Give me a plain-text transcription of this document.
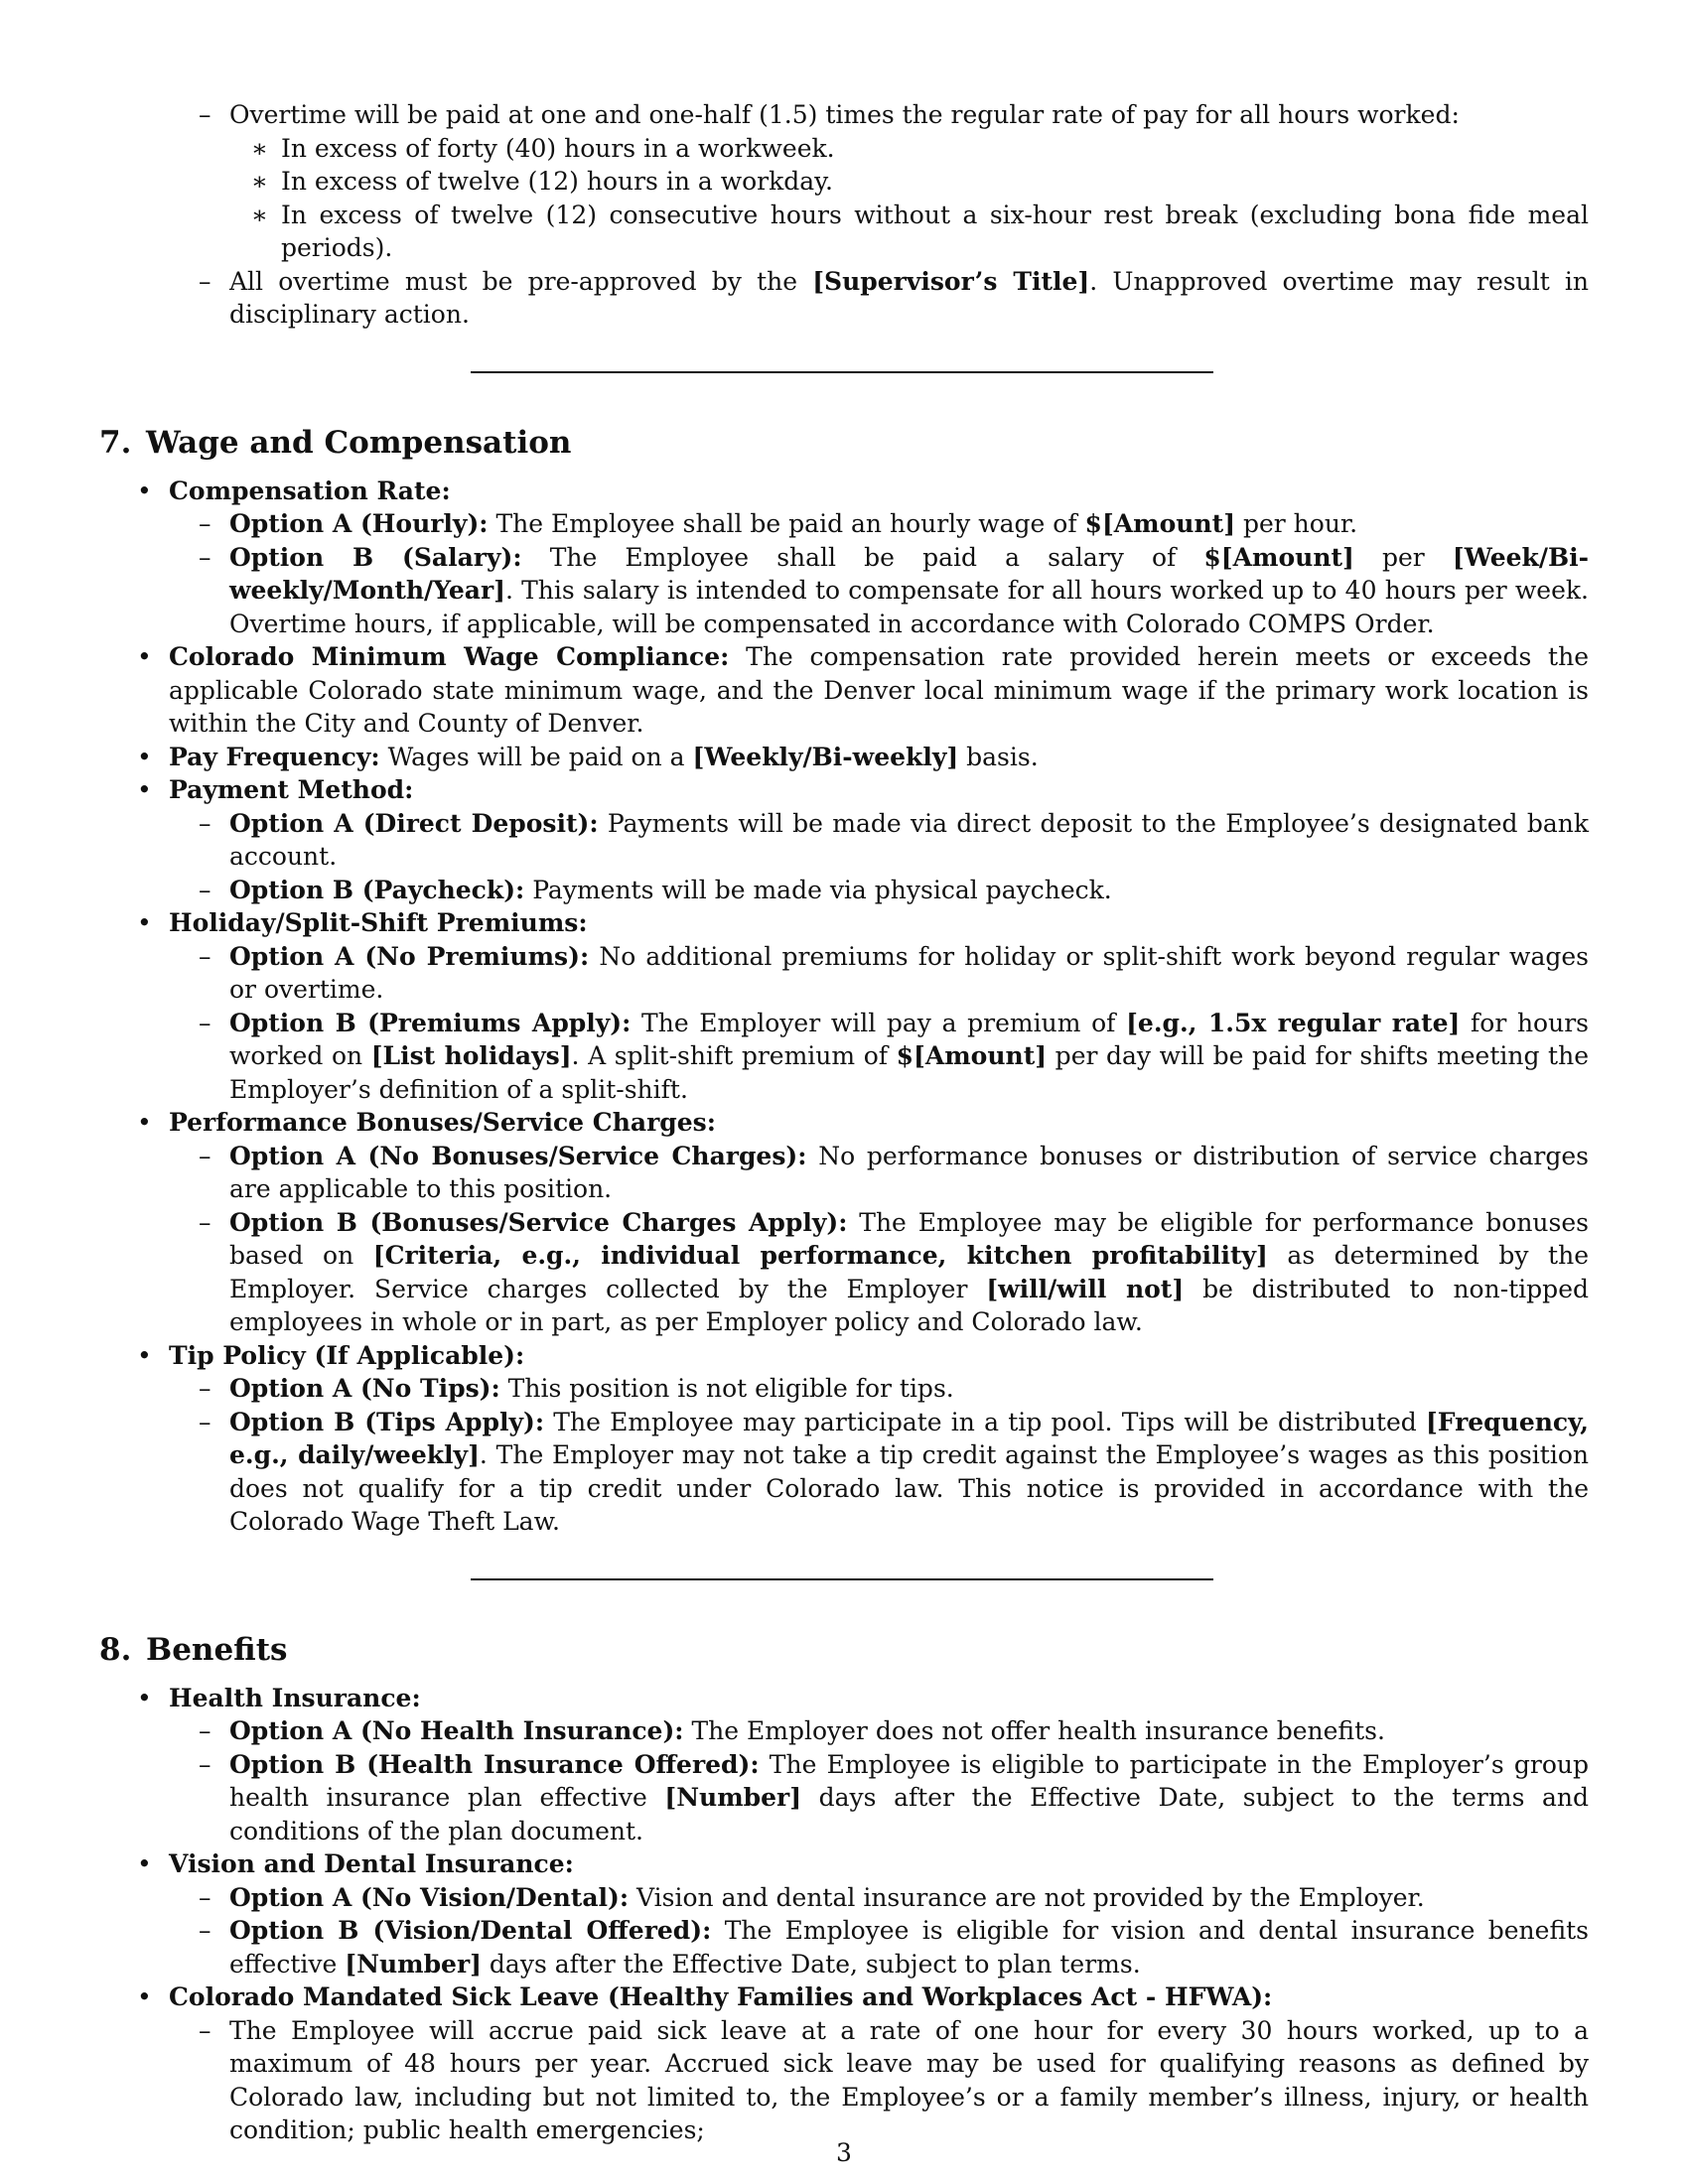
– Overtime will be paid at one and one-half (1.5) times the regular rate of pay for all hours worked:
∗ In excess of forty (40) hours in a workweek.
∗ In excess of twelve (12) hours in a workday.
∗ In excess of twelve (12) consecutive hours without a six-hour rest break (excluding bona fide meal periods).
– All overtime must be pre-approved by the [Supervisor’s Title]. Unapproved overtime may result in disciplinary action.
7. Wage and Compensation
• Compensation Rate:
– Option A (Hourly): The Employee shall be paid an hourly wage of $[Amount] per hour.
– Option B (Salary): The Employee shall be paid a salary of $[Amount] per [Week/Bi-weekly/Month/Year]. This salary is intended to compensate for all hours worked up to 40 hours per week. Overtime hours, if applicable, will be compensated in accordance with Colorado COMPS Order.
• Colorado Minimum Wage Compliance: The compensation rate provided herein meets or exceeds the applicable Colorado state minimum wage, and the Denver local minimum wage if the primary work location is within the City and County of Denver.
• Pay Frequency: Wages will be paid on a [Weekly/Bi-weekly] basis.
• Payment Method:
– Option A (Direct Deposit): Payments will be made via direct deposit to the Employee’s designated bank account.
– Option B (Paycheck): Payments will be made via physical paycheck.
• Holiday/Split-Shift Premiums:
– Option A (No Premiums): No additional premiums for holiday or split-shift work beyond regular wages or overtime.
– Option B (Premiums Apply): The Employer will pay a premium of [e.g., 1.5x regular rate] for hours worked on [List holidays]. A split-shift premium of $[Amount] per day will be paid for shifts meeting the Employer’s definition of a split-shift.
• Performance Bonuses/Service Charges:
– Option A (No Bonuses/Service Charges): No performance bonuses or distribution of service charges are applicable to this position.
– Option B (Bonuses/Service Charges Apply): The Employee may be eligible for performance bonuses based on [Criteria, e.g., individual performance, kitchen profitability] as determined by the Employer. Service charges collected by the Employer [will/will not] be distributed to non-tipped employees in whole or in part, as per Employer policy and Colorado law.
• Tip Policy (If Applicable):
– Option A (No Tips): This position is not eligible for tips.
– Option B (Tips Apply): The Employee may participate in a tip pool. Tips will be distributed [Frequency, e.g., daily/weekly]. The Employer may not take a tip credit against the Employee’s wages as this position does not qualify for a tip credit under Colorado law. This notice is provided in accordance with the Colorado Wage Theft Law.
8. Benefits
• Health Insurance:
– Option A (No Health Insurance): The Employer does not offer health insurance benefits.
– Option B (Health Insurance Offered): The Employee is eligible to participate in the Employer’s group health insurance plan effective [Number] days after the Effective Date, subject to the terms and conditions of the plan document.
• Vision and Dental Insurance:
– Option A (No Vision/Dental): Vision and dental insurance are not provided by the Employer.
– Option B (Vision/Dental Offered): The Employee is eligible for vision and dental insurance benefits effective [Number] days after the Effective Date, subject to plan terms.
• Colorado Mandated Sick Leave (Healthy Families and Workplaces Act - HFWA):
– The Employee will accrue paid sick leave at a rate of one hour for every 30 hours worked, up to a maximum of 48 hours per year. Accrued sick leave may be used for qualifying reasons as defined by Colorado law, including but not limited to, the Employee’s or a family member’s illness, injury, or health condition; public health emergencies;
3
